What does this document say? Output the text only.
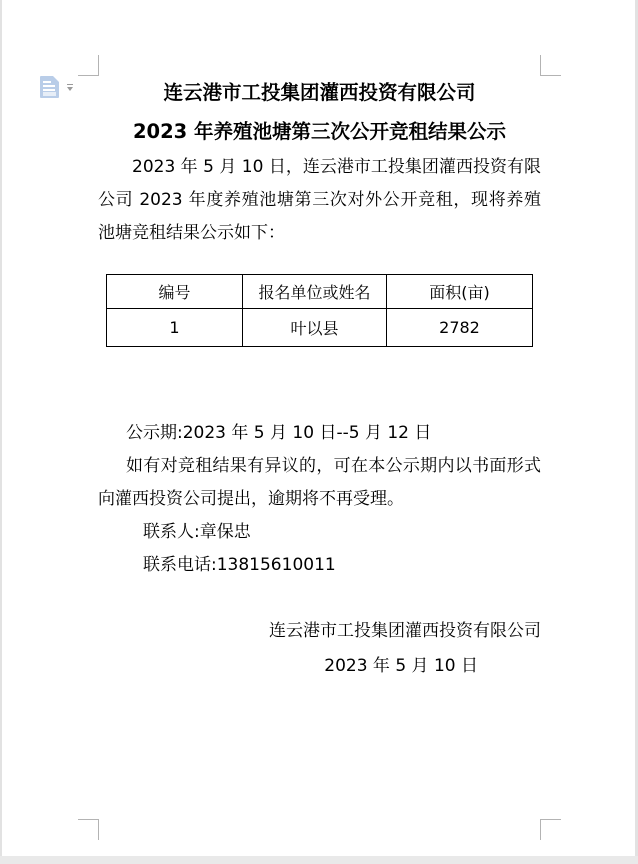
连云港市工投集团灌西投资有限公司
2023 年养殖池塘第三次公开竞租结果公示

2023 年 5 月 10 日，连云港市工投集团灌西投资有限公司 2023 年度养殖池塘第三次对外公开竞租，现将养殖池塘竞租结果公示如下：

编号	报名单位或姓名	面积(亩)
1	叶以县	2782

公示期:2023 年 5 月 10 日--5 月 12 日

如有对竞租结果有异议的，可在本公示期内以书面形式向灌西投资公司提出，逾期将不再受理。

联系人:章保忠

联系电话:13815610011

连云港市工投集团灌西投资有限公司

2023 年 5 月 10 日
